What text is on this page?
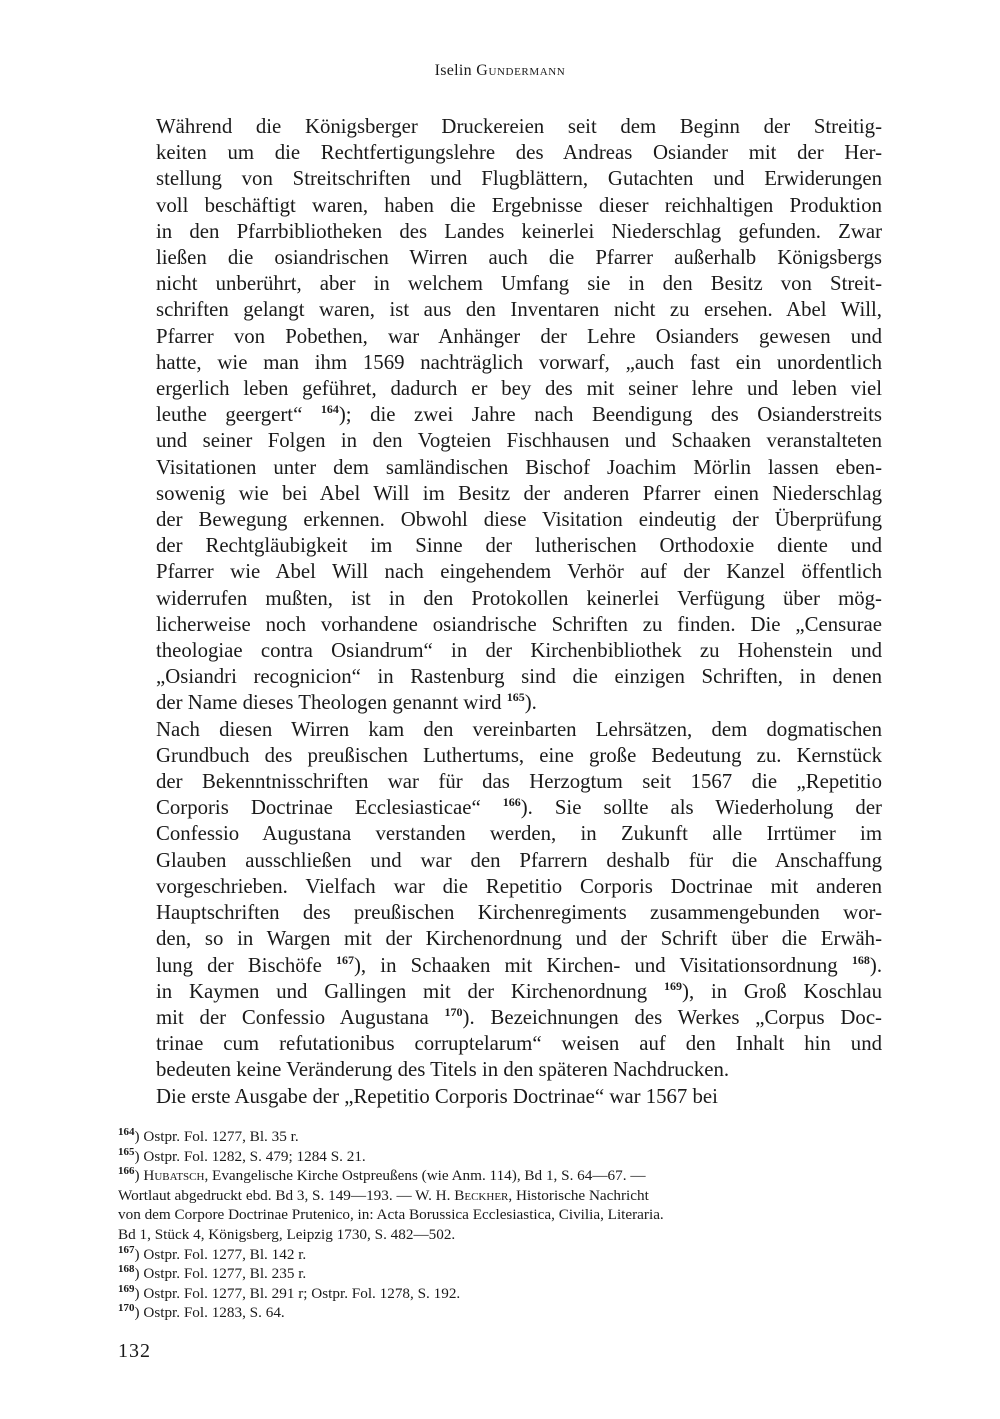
Iselin Gundermann

Während die Königsberger Druckereien seit dem Beginn der Streitig-
keiten um die Rechtfertigungslehre des Andreas Osiander mit der Her-
stellung von Streitschriften und Flugblättern, Gutachten und Erwiderungen
voll beschäftigt waren, haben die Ergebnisse dieser reichhaltigen Produktion
in den Pfarrbibliotheken des Landes keinerlei Niederschlag gefunden. Zwar
ließen die osiandrischen Wirren auch die Pfarrer außerhalb Königsbergs
nicht unberührt, aber in welchem Umfang sie in den Besitz von Streit-
schriften gelangt waren, ist aus den Inventaren nicht zu ersehen. Abel Will,
Pfarrer von Pobethen, war Anhänger der Lehre Osianders gewesen und
hatte, wie man ihm 1569 nachträglich vorwarf, „auch fast ein unordentlich
ergerlich leben geführet, dadurch er bey des mit seiner lehre und leben viel
leuthe geergert“ $^{164}$); die zwei Jahre nach Beendigung des Osianderstreits
und seiner Folgen in den Vogteien Fischhausen und Schaaken veranstalteten
Visitationen unter dem samländischen Bischof Joachim Mörlin lassen eben-
sowenig wie bei Abel Will im Besitz der anderen Pfarrer einen Niederschlag
der Bewegung erkennen. Obwohl diese Visitation eindeutig der Überprüfung
der Rechtgläubigkeit im Sinne der lutherischen Orthodoxie diente und
Pfarrer wie Abel Will nach eingehendem Verhör auf der Kanzel öffentlich
widerrufen mußten, ist in den Protokollen keinerlei Verfügung über mög-
licherweise noch vorhandene osiandrische Schriften zu finden. Die „Censurae
theologiae contra Osiandrum“ in der Kirchenbibliothek zu Hohenstein und
„Osiandri recognicion“ in Rastenburg sind die einzigen Schriften, in denen
der Name dieses Theologen genannt wird $^{165}$).

Nach diesen Wirren kam den vereinbarten Lehrsätzen, dem dogmatischen
Grundbuch des preußischen Luthertums, eine große Bedeutung zu. Kernstück
der Bekenntnisschriften war für das Herzogtum seit 1567 die „Repetitio
Corporis Doctrinae Ecclesiasticae“ $^{166}$). Sie sollte als Wiederholung der
Confessio Augustana verstanden werden, in Zukunft alle Irrtümer im
Glauben ausschließen und war den Pfarrern deshalb für die Anschaffung
vorgeschrieben. Vielfach war die Repetitio Corporis Doctrinae mit anderen
Hauptschriften des preußischen Kirchenregiments zusammengebunden wor-
den, so in Wargen mit der Kirchenordnung und der Schrift über die Erwäh-
lung der Bischöfe $^{167}$), in Schaaken mit Kirchen- und Visitationsordnung $^{168}$).
in Kaymen und Gallingen mit der Kirchenordnung $^{169}$), in Groß Koschlau
mit der Confessio Augustana $^{170}$). Bezeichnungen des Werkes „Corpus Doc-
trinae cum refutationibus corruptelarum“ weisen auf den Inhalt hin und
bedeuten keine Veränderung des Titels in den späteren Nachdrucken.

Die erste Ausgabe der „Repetitio Corporis Doctrinae“ war 1567 bei

$^{164}$) Ostpr. Fol. 1277, Bl. 35 r.
$^{165}$) Ostpr. Fol. 1282, S. 479; 1284 S. 21.
$^{166}$) Hubatsch, Evangelische Kirche Ostpreußens (wie Anm. 114), Bd 1, S. 64—67. —
Wortlaut abgedruckt ebd. Bd 3, S. 149—193. — W. H. Beckher, Historische Nachricht
von dem Corpore Doctrinae Prutenico, in: Acta Borussica Ecclesiastica, Civilia, Literaria.
Bd 1, Stück 4, Königsberg, Leipzig 1730, S. 482—502.
$^{167}$) Ostpr. Fol. 1277, Bl. 142 r.
$^{168}$) Ostpr. Fol. 1277, Bl. 235 r.
$^{169}$) Ostpr. Fol. 1277, Bl. 291 r; Ostpr. Fol. 1278, S. 192.
$^{170}$) Ostpr. Fol. 1283, S. 64.
132
